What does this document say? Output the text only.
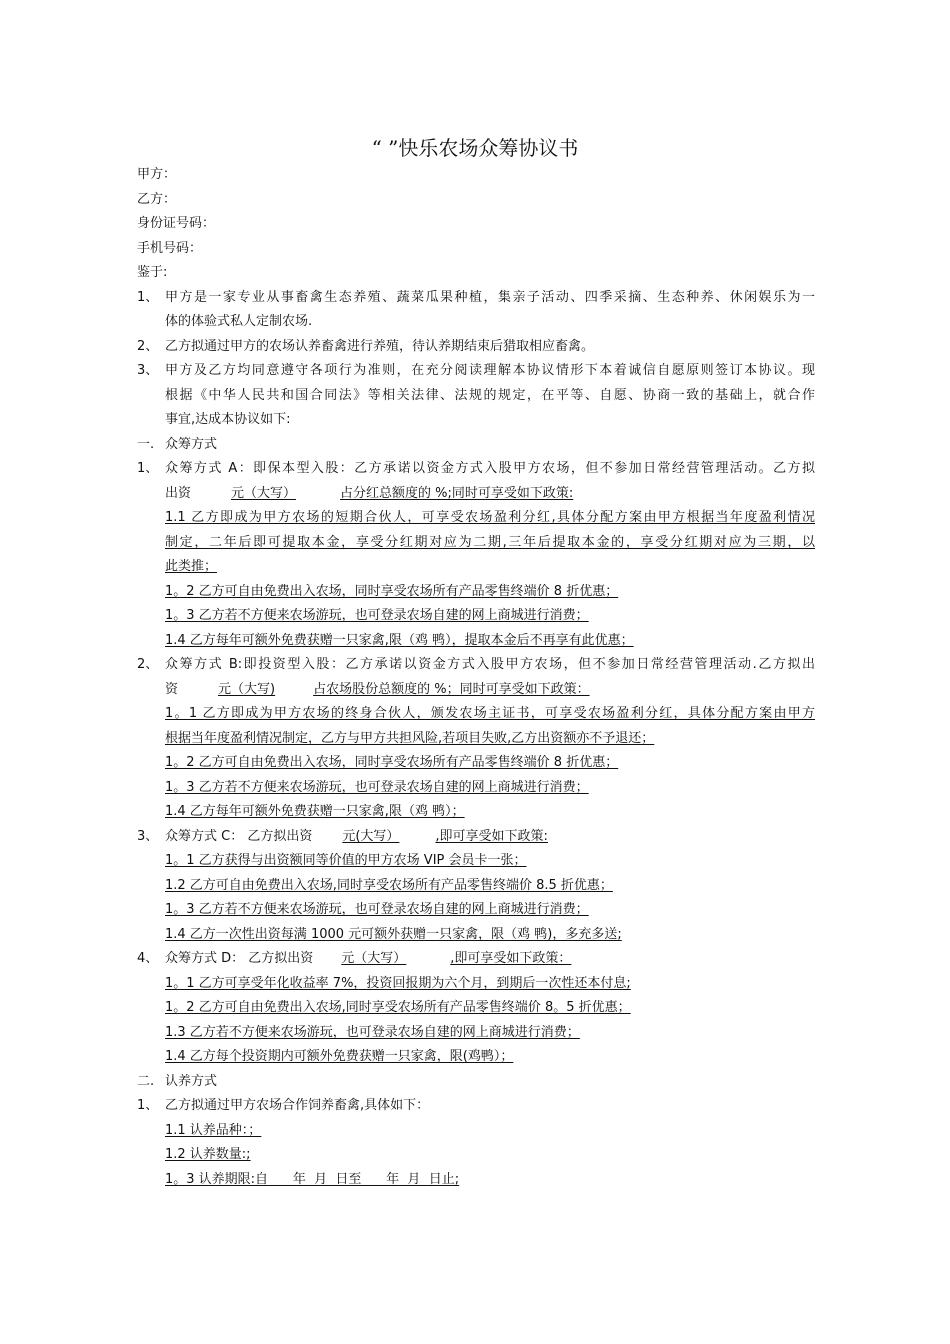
“ ”快乐农场众筹协议书
甲方：
乙方：
身份证号码：
手机号码：
鉴于:
1、 甲方是一家专业从事畜禽生态养殖、蔬菜瓜果种植，集亲子活动、四季采摘、生态种养、休闲娱乐为一
体的体验式私人定制农场.
2、 乙方拟通过甲方的农场认养畜禽进行养殖，待认养期结束后猎取相应畜禽。
3、 甲方及乙方均同意遵守各项行为准则，在充分阅读理解本协议情形下本着诚信自愿原则签订本协议。现
根据《中华人民共和国合同法》等相关法律、法规的规定，在平等、自愿、协商一致的基础上，就合作
事宜,达成本协议如下:
一. 众筹方式
1、 众筹方式 A：即保本型入股：乙方承诺以资金方式入股甲方农场，但不参加日常经营管理活动。乙方拟
出资	元（大写）	占分红总额度的 %;同时可享受如下政策:
1.1 乙方即成为甲方农场的短期合伙人，可享受农场盈利分红,具体分配方案由甲方根据当年度盈利情况
制定，二年后即可提取本金，享受分红期对应为二期,三年后提取本金的，享受分红期对应为三期，以
此类推；
1。2 乙方可自由免费出入农场，同时享受农场所有产品零售终端价 8 折优惠；
1。3 乙方若不方便来农场游玩，也可登录农场自建的网上商城进行消费；
1.4 乙方每年可额外免费获赠一只家禽,限（鸡 鸭），提取本金后不再享有此优惠；
2、 众筹方式 B:即投资型入股：乙方承诺以资金方式入股甲方农场，但不参加日常经营管理活动.乙方拟出
资	元（大写)	占农场股份总额度的 %；同时可享受如下政策：
1。1 乙方即成为甲方农场的终身合伙人，颁发农场主证书，可享受农场盈利分红，具体分配方案由甲方
根据当年度盈利情况制定，乙方与甲方共担风险,若项目失败,乙方出资额亦不予退还；
1。2 乙方可自由免费出入农场，同时享受农场所有产品零售终端价 8 折优惠；
1。3 乙方若不方便来农场游玩，也可登录农场自建的网上商城进行消费；
1.4 乙方每年可额外免费获赠一只家禽,限（鸡 鸭）；
3、 众筹方式 C： 乙方拟出资 元(大写）	,即可享受如下政策:
1。1 乙方获得与出资额同等价值的甲方农场 VIP 会员卡一张；
1.2 乙方可自由免费出入农场,同时享受农场所有产品零售终端价 8.5 折优惠；
1。3 乙方若不方便来农场游玩，也可登录农场自建的网上商城进行消费；
1.4 乙方一次性出资每满 1000 元可额外获赠一只家禽，限（鸡 鸭)，多充多送;
4、 众筹方式 D： 乙方拟出资 元（大写）	,即可享受如下政策：
1。1 乙方可享受年化收益率 7%，投资回报期为六个月，到期后一次性还本付息;
1。2 乙方可自由免费出入农场,同时享受农场所有产品零售终端价 8。5 折优惠；
1.3 乙方若不方便来农场游玩，也可登录农场自建的网上商城进行消费；
1.4 乙方每个投资期内可额外免费获赠一只家禽，限(鸡鸭）；
二. 认养方式
1、 乙方拟通过甲方农场合作饲养畜禽,具体如下：
1.1 认养品种：；
1.2 认养数量:;
1。3 认养期限:自      年  月  日至      年  月  日止;
